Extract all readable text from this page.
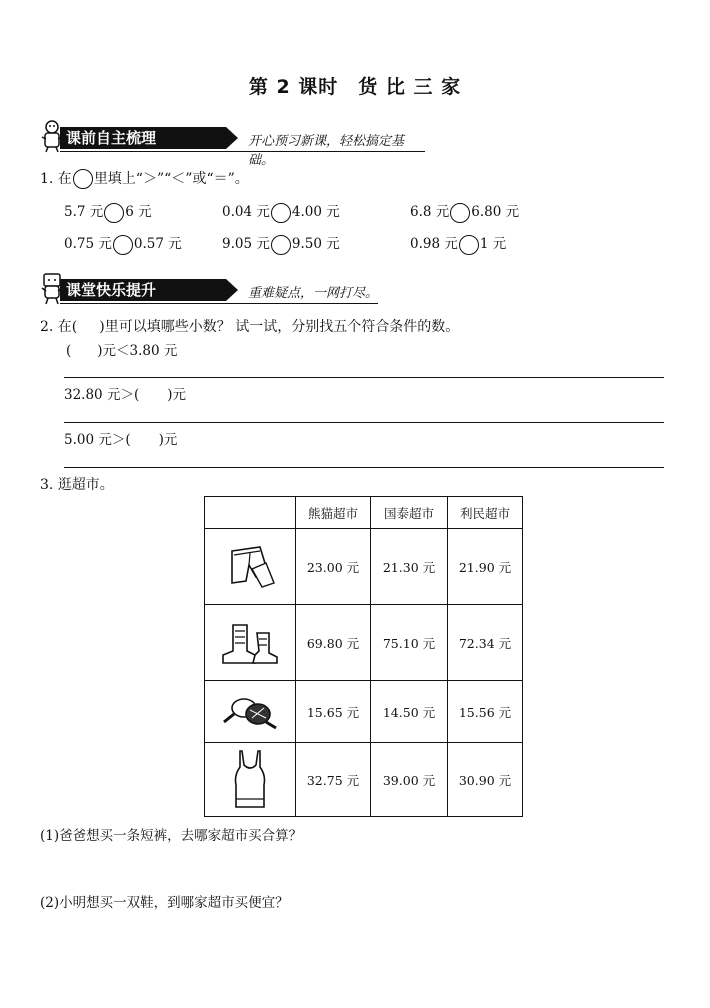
第 2 课时　货 比 三 家
课前自主梳理	开心预习新课，轻松搞定基础。
1. 在 里填上“＞”“＜”或“＝”。
5.7 元 6 元	0.04 元 4.00 元	6.8 元 6.80 元
0.75 元 0.57 元	9.05 元 9.50 元	0.98 元 1 元
课堂快乐提升	重难疑点，一网打尽。
2. 在( )里可以填哪些小数？ 试一试，分别找五个符合条件的数。
( )元＜3.80 元
32.80 元＞( )元
5.00 元＞( )元
3. 逛超市。
	熊猫超市	国泰超市	利民超市

	23.00 元	21.30 元	21.90 元

	69.80 元	75.10 元	72.34 元

	15.65 元	14.50 元	15.56 元

	32.75 元	39.00 元	30.90 元
(1)爸爸想买一条短裤，去哪家超市买合算？
(2)小明想买一双鞋，到哪家超市买便宜？
